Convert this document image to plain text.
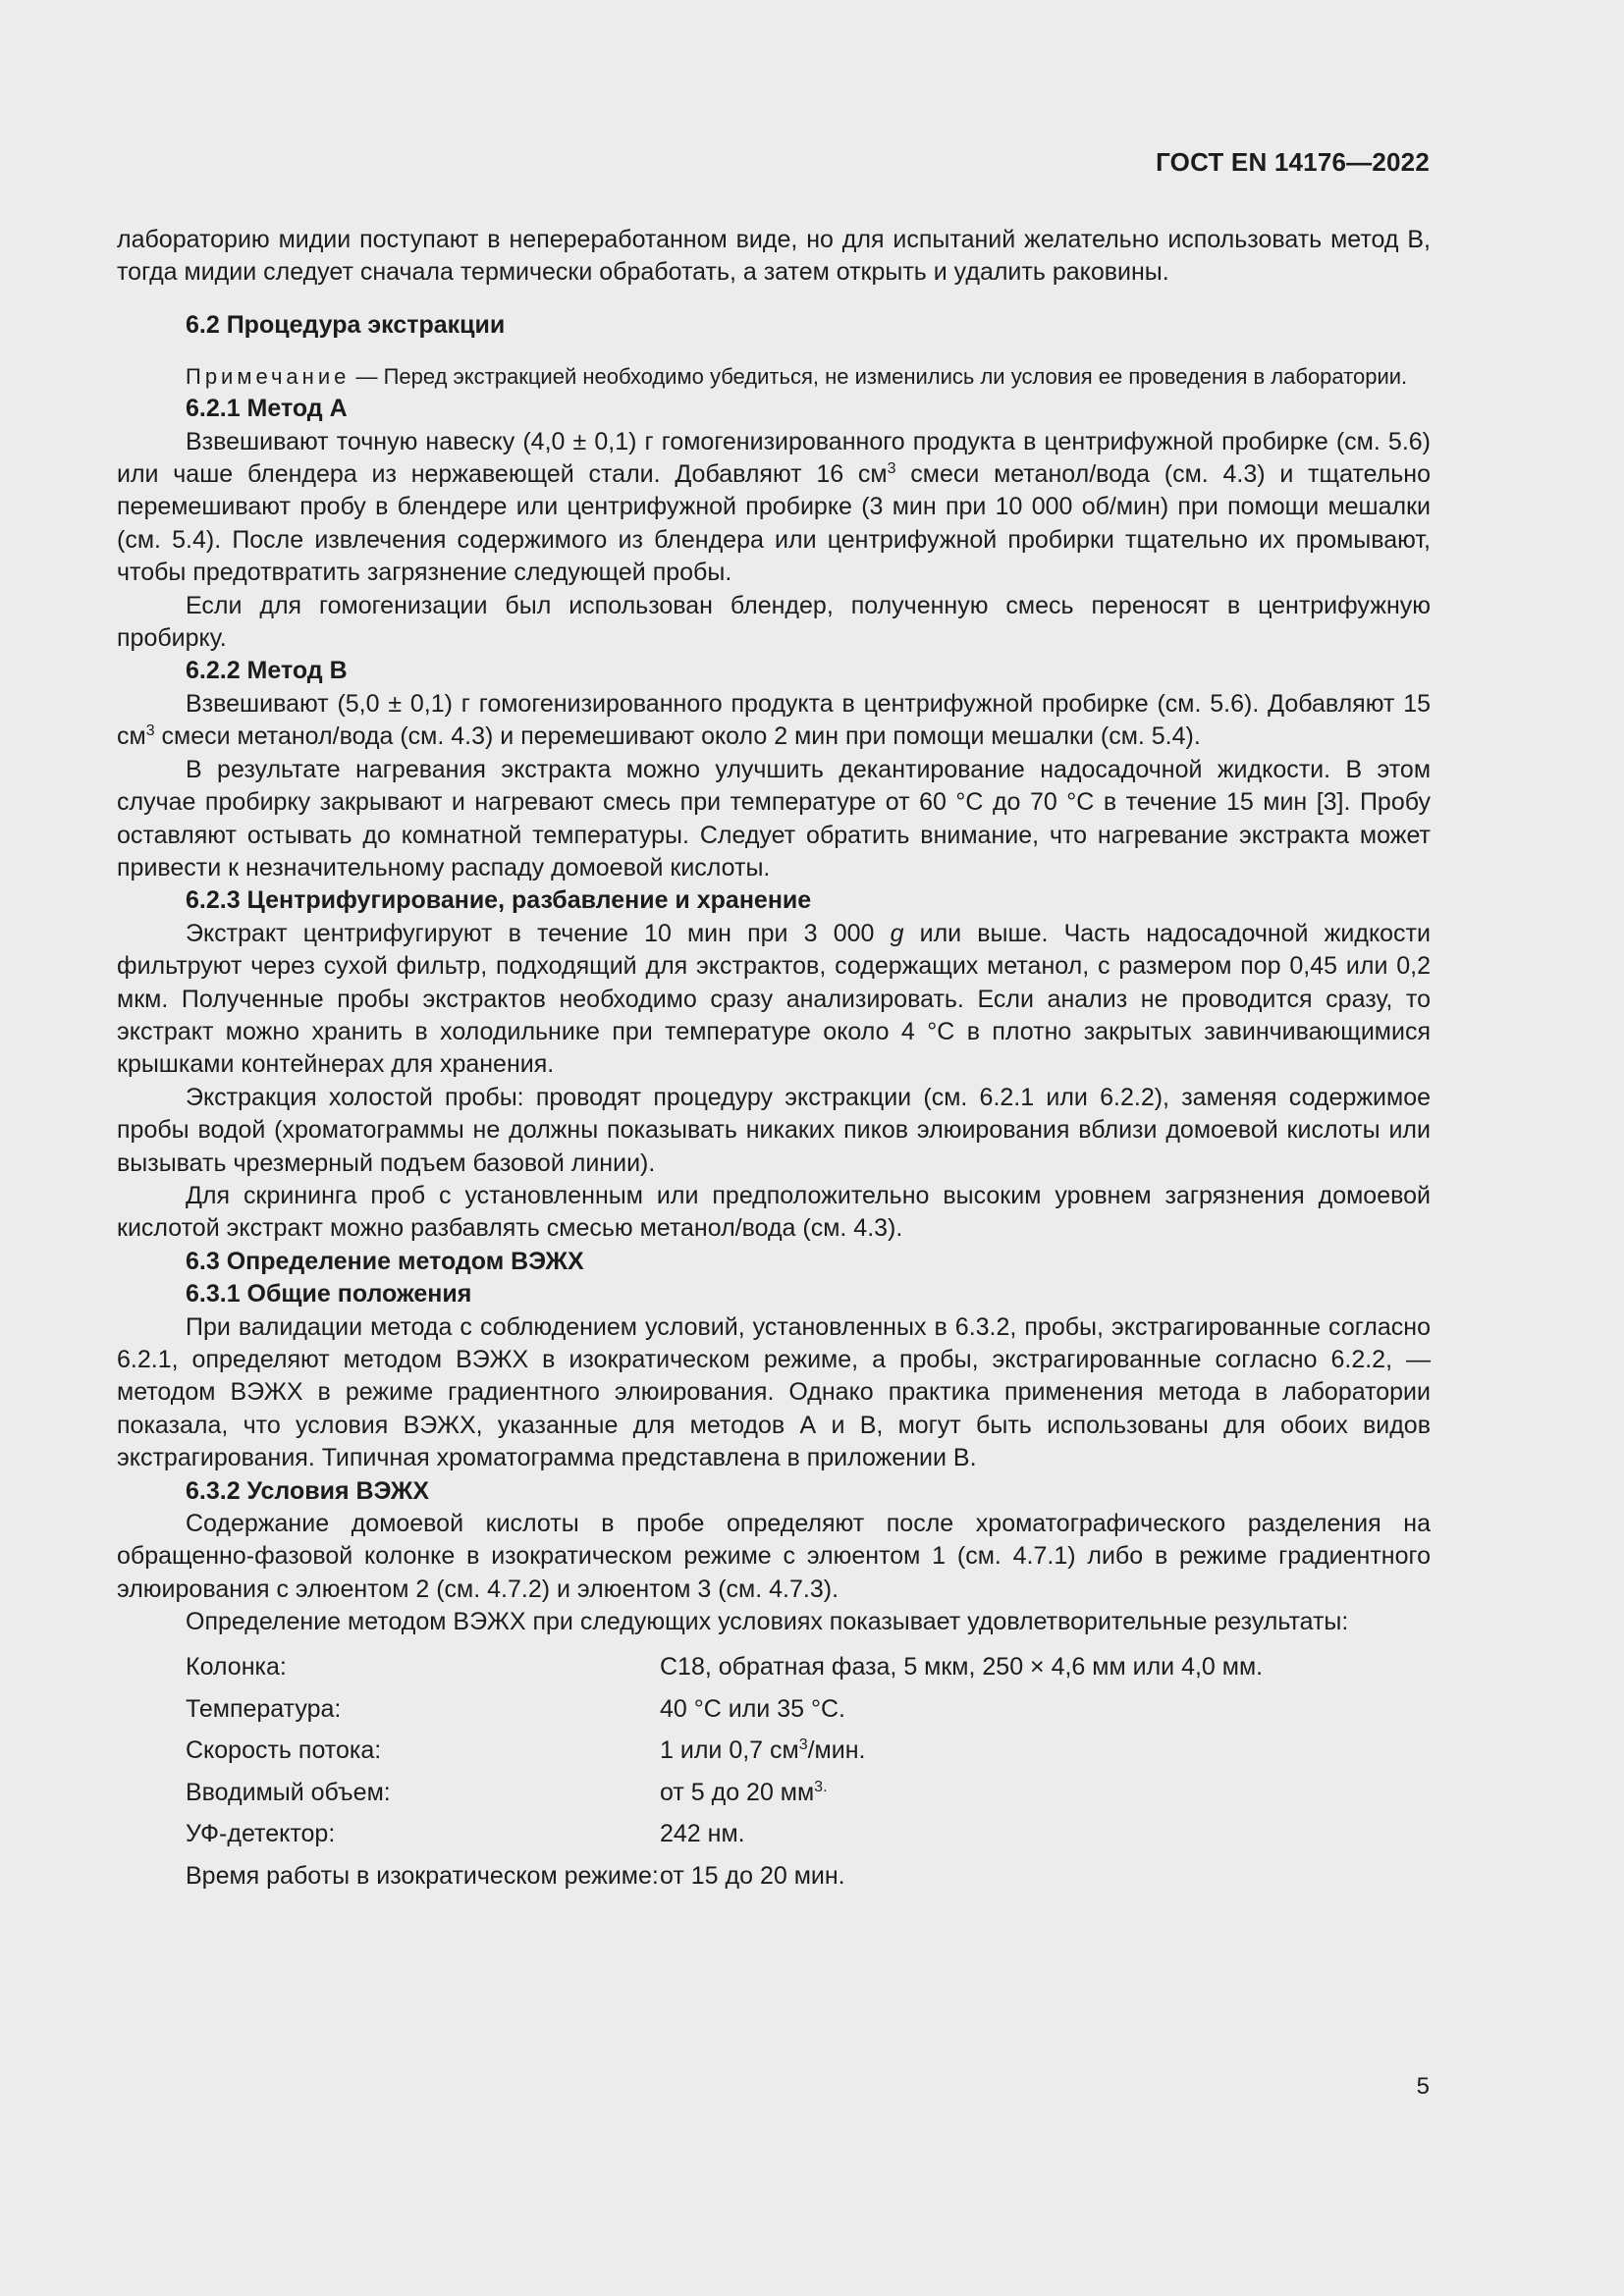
ГОСТ EN 14176—2022

лабораторию мидии поступают в непереработанном виде, но для испытаний желательно использовать метод В, тогда мидии следует сначала термически обработать, а затем открыть и удалить раковины.

6.2 Процедура экстракции

Примечание — Перед экстракцией необходимо убедиться, не изменились ли условия ее проведения в лаборатории.

6.2.1 Метод А

Взвешивают точную навеску (4,0 ± 0,1) г гомогенизированного продукта в центрифужной пробирке (см. 5.6) или чаше блендера из нержавеющей стали. Добавляют 16 $см^3$ смеси метанол/вода (см. 4.3) и тщательно перемешивают пробу в блендере или центрифужной пробирке (3 мин при 10 000 об/мин) при помощи мешалки (см. 5.4). После извлечения содержимого из блендера или центрифужной пробирки тщательно их промывают, чтобы предотвратить загрязнение следующей пробы.

Если для гомогенизации был использован блендер, полученную смесь переносят в центрифужную пробирку.

6.2.2 Метод В

Взвешивают (5,0 ± 0,1) г гомогенизированного продукта в центрифужной пробирке (см. 5.6). Добавляют 15 $см^3$ смеси метанол/вода (см. 4.3) и перемешивают около 2 мин при помощи мешалки (см. 5.4).

В результате нагревания экстракта можно улучшить декантирование надосадочной жидкости. В этом случае пробирку закрывают и нагревают смесь при температуре от 60 °С до 70 °С в течение 15 мин [3]. Пробу оставляют остывать до комнатной температуры. Следует обратить внимание, что нагревание экстракта может привести к незначительному распаду домоевой кислоты.

6.2.3 Центрифугирование, разбавление и хранение

Экстракт центрифугируют в течение 10 мин при 3 000 g или выше. Часть надосадочной жидкости фильтруют через сухой фильтр, подходящий для экстрактов, содержащих метанол, с размером пор 0,45 или 0,2 мкм. Полученные пробы экстрактов необходимо сразу анализировать. Если анализ не проводится сразу, то экстракт можно хранить в холодильнике при температуре около 4 °С в плотно закрытых завинчивающимися крышками контейнерах для хранения.

Экстракция холостой пробы: проводят процедуру экстракции (см. 6.2.1 или 6.2.2), заменяя содержимое пробы водой (хроматограммы не должны показывать никаких пиков элюирования вблизи домоевой кислоты или вызывать чрезмерный подъем базовой линии).

Для скрининга проб с установленным или предположительно высоким уровнем загрязнения домоевой кислотой экстракт можно разбавлять смесью метанол/вода (см. 4.3).

6.3 Определение методом ВЭЖХ

6.3.1 Общие положения

При валидации метода с соблюдением условий, установленных в 6.3.2, пробы, экстрагированные согласно 6.2.1, определяют методом ВЭЖХ в изократическом режиме, а пробы, экстрагированные согласно 6.2.2, — методом ВЭЖХ в режиме градиентного элюирования. Однако практика применения метода в лаборатории показала, что условия ВЭЖХ, указанные для методов А и В, могут быть использованы для обоих видов экстрагирования. Типичная хроматограмма представлена в приложении В.

6.3.2 Условия ВЭЖХ

Содержание домоевой кислоты в пробе определяют после хроматографического разделения на обращенно-фазовой колонке в изократическом режиме с элюентом 1 (см. 4.7.1) либо в режиме градиентного элюирования с элюентом 2 (см. 4.7.2) и элюентом 3 (см. 4.7.3).

Определение методом ВЭЖХ при следующих условиях показывает удовлетворительные результаты:

Колонка:	С18, обратная фаза, 5 мкм, 250 × 4,6 мм или 4,0 мм.
Температура:	40 °С или 35 °С.
Скорость потока:	1 или 0,7 $см^3$/мин.
Вводимый объем:	от 5 до 20 $мм^{3.}$
УФ-детектор:	242 нм.
Время работы в изократическом режиме: от 15 до 20 мин.
5
